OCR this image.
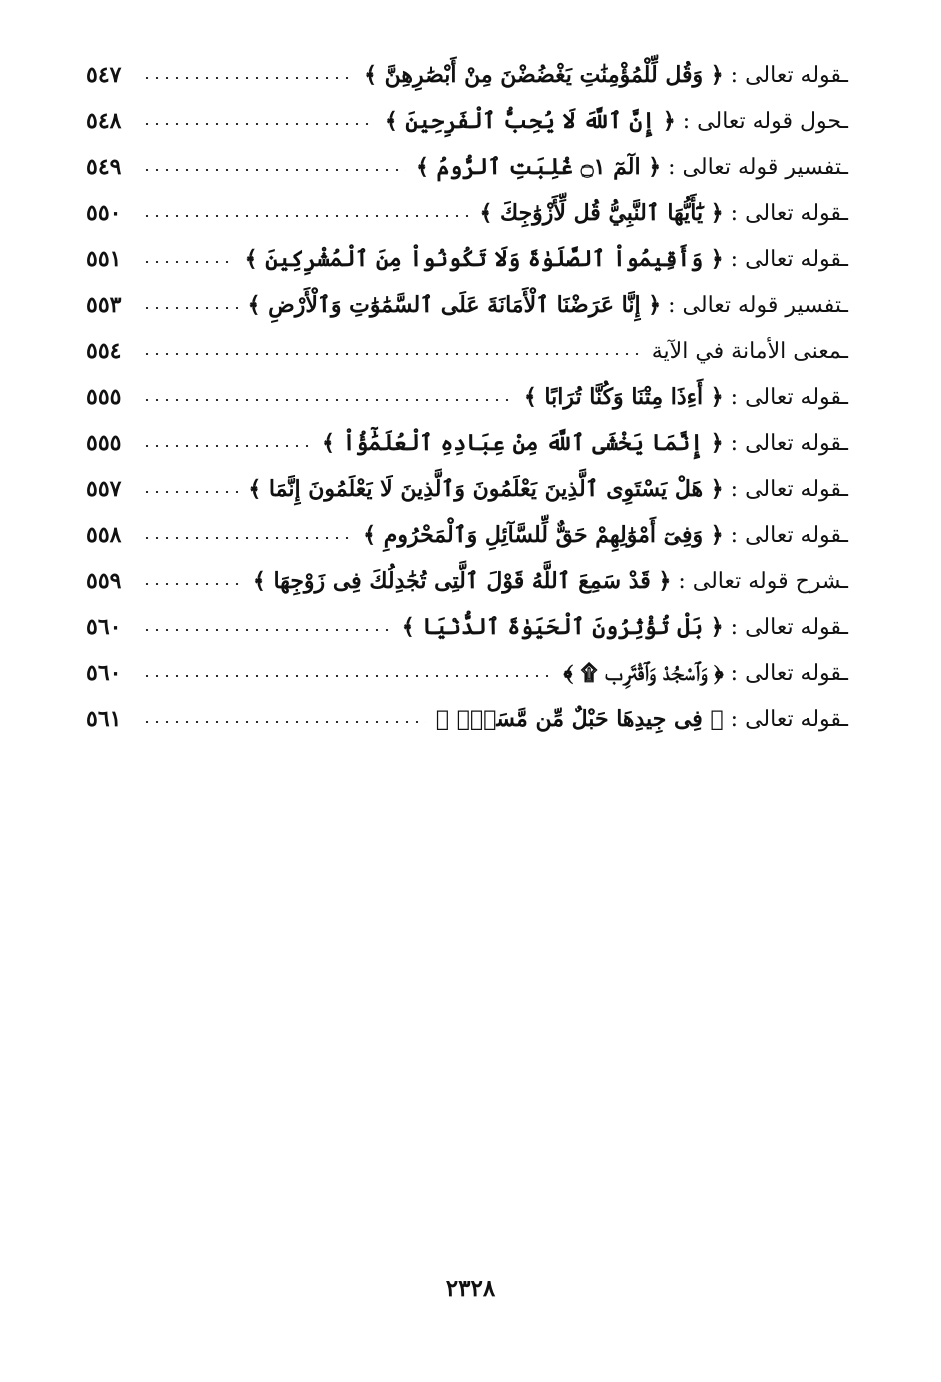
ـقوله تعالى : ﴿ وَقُل لِّلْمُؤْمِنَٰتِ يَغْضُضْنَ مِنْ أَبْصَٰرِهِنَّ ﴾
٥٤٧
ـحول قوله تعالى : ﴿ إِنَّ ٱللَّهَ لَا يُحِبُّ ٱلْفَرِحِينَ ﴾
٥٤٨
ـتفسير قوله تعالى : ﴿ الٓمٓ ۝١ غُلِبَتِ ٱلرُّومُ ﴾
٥٤٩
ـقوله تعالى : ﴿ يَٰٓأَيُّهَا ٱلنَّبِيُّ قُل لِّأَزْوَٰجِكَ ﴾
٥٥٠
ـقوله تعالى : ﴿ وَأَقِيمُواْ ٱلصَّلَوٰةَ وَلَا تَكُونُواْ مِنَ ٱلْمُشْرِكِينَ ﴾
٥٥١
ـتفسير قوله تعالى : ﴿ إِنَّا عَرَضْنَا ٱلْأَمَانَةَ عَلَى ٱلسَّمَٰوَٰتِ وَٱلْأَرْضِ ﴾
٥٥٣
ـمعنى الأمانة في الآية
٥٥٤
ـقوله تعالى : ﴿ أَءِذَا مِتْنَا وَكُنَّا تُرَابًا ﴾
٥٥٥
ـقوله تعالى : ﴿ إِنَّمَا يَخْشَى ٱللَّهَ مِنْ عِبَادِهِ ٱلْعُلَمَٰٓؤُاْ ﴾
٥٥٥
ـقوله تعالى : ﴿ هَلْ يَسْتَوِى ٱلَّذِينَ يَعْلَمُونَ وَٱلَّذِينَ لَا يَعْلَمُونَ إِنَّمَا ﴾
٥٥٧
ـقوله تعالى : ﴿ وَفِىٓ أَمْوَٰلِهِمْ حَقٌّ لِّلسَّآئِلِ وَٱلْمَحْرُومِ ﴾
٥٥٨
ـشرح قوله تعالى : ﴿ قَدْ سَمِعَ ٱللَّهُ قَوْلَ ٱلَّتِى تُجَٰدِلُكَ فِى زَوْجِهَا ﴾
٥٥٩
ـقوله تعالى : ﴿ بَلْ تُؤْثِرُونَ ٱلْحَيَوٰةَ ٱلدُّنْيَا ﴾
٥٦٠
ـقوله تعالى : ﴿ وَٱسْجُدْ وَٱقْتَرِب ۩ ﴾
٥٦٠
ـقوله تعالى : ﴿ فِى جِيدِهَا حَبْلٌ مِّن مَّسَدٍۭ ﴾
٥٦١
٢٣٢٨
